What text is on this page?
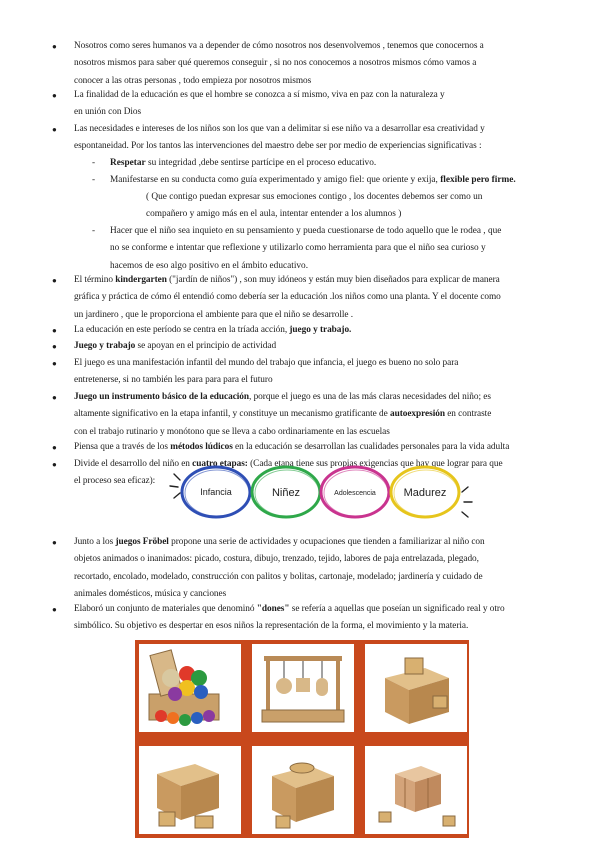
●	Nosotros como seres humanos va a depender de cómo nosotros nos desenvolvemos , tenemos que conocernos a
nosotros mismos para saber qué queremos conseguir , si no nos conocemos a nosotros mismos cómo vamos a
conocer a las otras personas , todo empieza por nosotros mismos
●	La finalidad de la educación es que el hombre se conozca a sí mismo, viva en paz con la naturaleza y
en unión con Dios
●	Las necesidades e intereses de los niños son los que van a delimitar si ese niño va a desarrollar esa creatividad y
espontaneidad. Por los tantos las intervenciones del maestro debe ser por medio de experiencias significativas :
- Respetar su integridad ,debe sentirse partícipe en el proceso educativo.
- Manifestarse en su conducta como guía experimentado y amigo fiel: que oriente y exija, flexible pero firme.
( Que contigo puedan expresar sus emociones contigo , los docentes debemos ser como un
compañero y amigo más en el aula, intentar entender a los alumnos )
- Hacer que el niño sea inquieto en su pensamiento y pueda cuestionarse de todo aquello que le rodea , que
no se conforme e intentar que reflexione y utilizarlo como herramienta para que el niño sea curioso y
hacemos de eso algo positivo en el ámbito educativo.
●	El término kindergarten ("jardín de niños") , son muy idóneos y están muy bien diseñados para explicar de manera
gráfica y práctica de cómo él entendió como debería ser la educación .los niños como una planta. Y el docente como
un jardinero , que le proporciona el ambiente para que el niño se desarrolle .
●	La educación en este período se centra en la tríada acción, juego y trabajo.
●	Juego y trabajo se apoyan en el principio de actividad
●	El juego es una manifestación infantil del mundo del trabajo que infancia, el juego es bueno no solo para
entretenerse, si no también les para para para el futuro
●	Juego un instrumento básico de la educación, porque el juego es una de las más claras necesidades del niño; es
altamente significativo en la etapa infantil, y constituye un mecanismo gratificante de autoexpresión en contraste
con el trabajo rutinario y monótono que se lleva a cabo ordinariamente en las escuelas
●	Piensa que a través de los métodos lúdicos en la educación se desarrollan las cualidades personales para la vida adulta
●	Divide el desarrollo del niño en cuatro etapas: (Cada etapa tiene sus propias exigencias que hay que lograr para que
el proceso sea eficaz):
Infancia	Niñez	Adolescencia	Madurez
●	Junto a los juegos Fröbel propone una serie de actividades y ocupaciones que tienden a familiarizar al niño con
objetos animados o inanimados: picado, costura, dibujo, trenzado, tejido, labores de paja entrelazada, plegado,
recortado, encolado, modelado, construcción con palitos y bolitas, cartonaje, modelado; jardinería y cuidado de
animales domésticos, música y canciones
●	Elaboró un conjunto de materiales que denominó "dones" se refería a aquellas que poseían un significado real y otro
simbólico. Su objetivo es despertar en esos niños la representación de la forma, el movimiento y la materia.
